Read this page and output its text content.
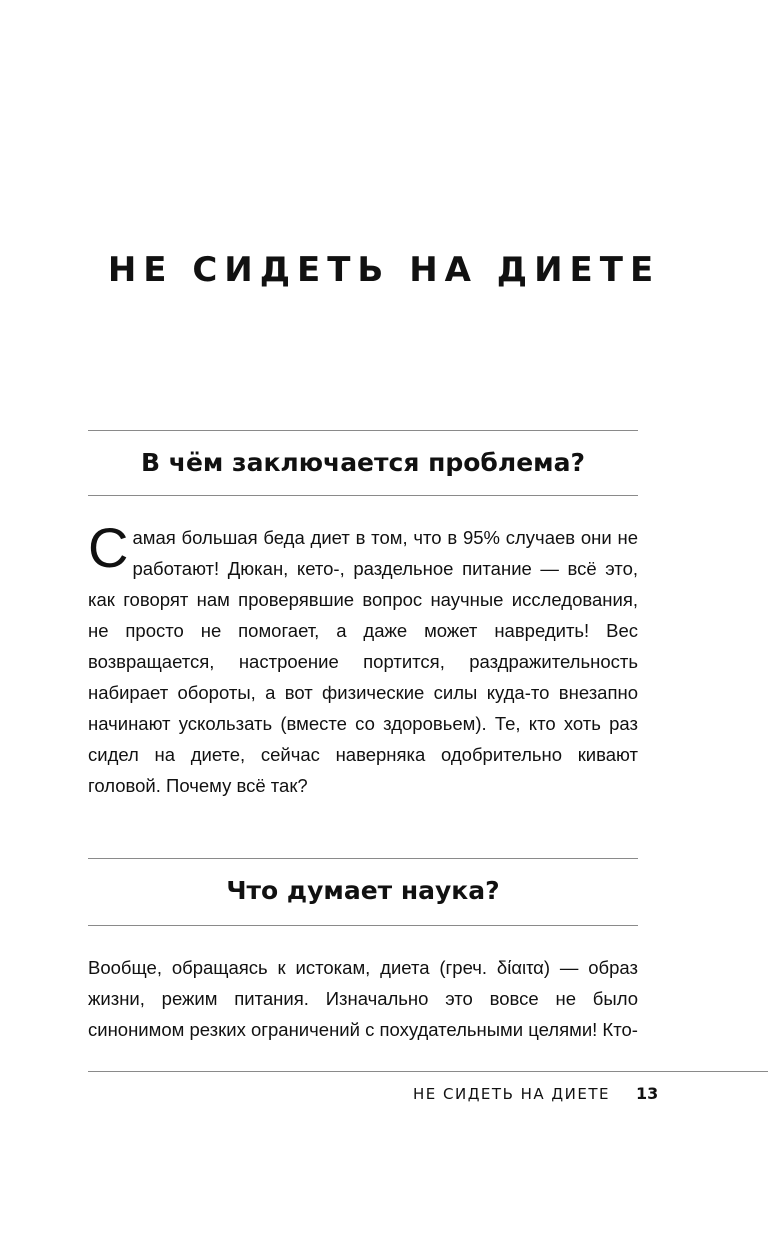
НЕ СИДЕТЬ НА ДИЕТЕ
В чём заключается проблема?

Самая большая беда диет в том, что в 95% случаев они не работают! Дюкан, кето-, раздельное питание — всё это, как говорят нам проверявшие вопрос научные исследования, не просто не помогает, а даже может навредить! Вес возвращается, настроение портится, раздражительность набирает обороты, а вот физические силы куда-то внезапно начинают ускользать (вместе со здоровьем). Те, кто хоть раз сидел на диете, сейчас наверняка одобрительно кивают головой. Почему всё так?

Что думает наука?

Вообще, обращаясь к истокам, диета (греч. δίαιτα) — образ жизни, режим питания. Изначально это вовсе не было синонимом резких ограничений с похудательными целями! Кто-

НЕ СИДЕТЬ НА ДИЕТЕ 13
